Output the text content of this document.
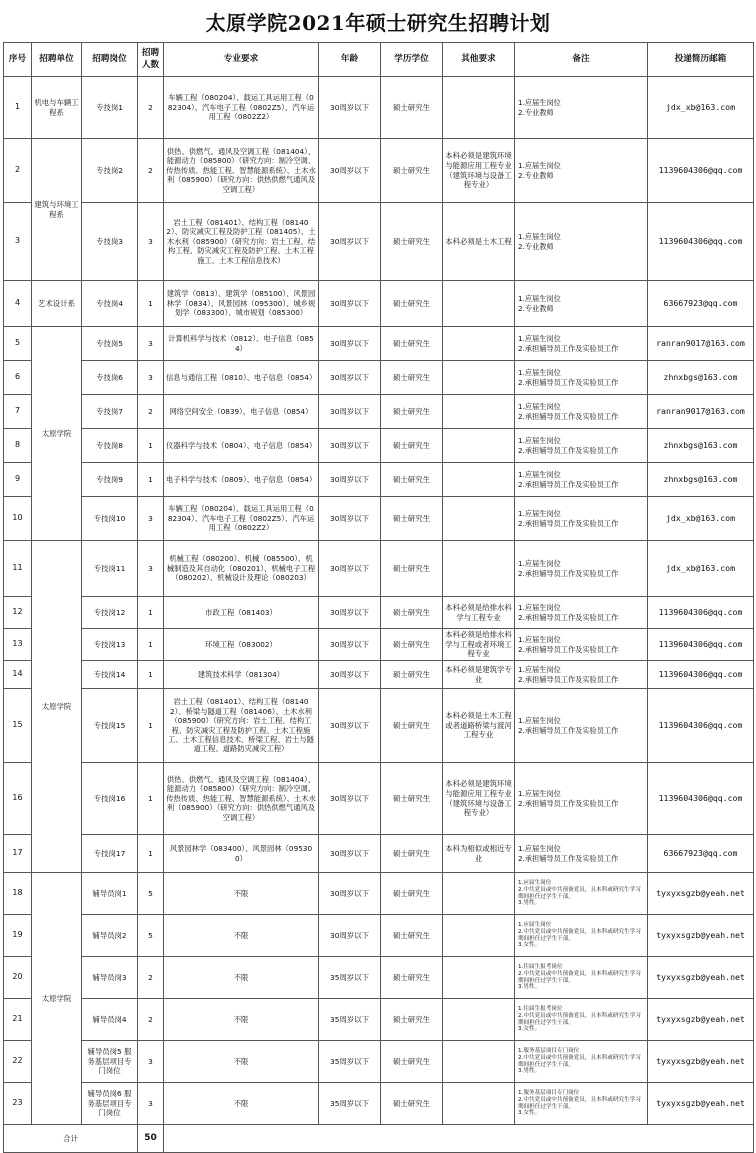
太原学院2021年硕士研究生招聘计划
序号	招聘单位	招聘岗位	招聘人数	专业要求	年龄	学历学位	其他要求	备注	投递简历邮箱
1	机电与车辆工程系	专技岗1	2	车辆工程（080204）、载运工具运用工程（082304）、汽车电子工程（0802Z5）、汽车运用工程（0802Z2）	30周岁以下	硕士研究生		1.应届生岗位
2.专业教师	jdx_xb@163.com
2	建筑与环境工程系	专技岗2	2	供热、供燃气、通风及空调工程（081404）、能源动力（085800）（研究方向：制冷空调、传热传质、热能工程、智慧能源系统）、土木水利（085900）（研究方向：供热供燃气通风及空调工程）	30周岁以下	硕士研究生	本科必须是建筑环境与能源应用工程专业（建筑环境与设备工程专业）	1.应届生岗位
2.专业教师	1139604306@qq.com
3		专技岗3	3	岩土工程（081401）、结构工程（081402）、防灾减灾工程及防护工程（081405）、土木水利（085900）（研究方向：岩土工程、结构工程、防灾减灾工程及防护工程、土木工程施工、土木工程信息技术）	30周岁以下	硕士研究生	本科必须是土木工程	1.应届生岗位
2.专业教师	1139604306@qq.com
4	艺术设计系	专技岗4	1	建筑学（0813）、建筑学（085100）、风景园林学（0834）、风景园林（095300）、城乡规划学（083300）、城市规划（085300）	30周岁以下	硕士研究生		1.应届生岗位
2.专业教师	63667923@qq.com
5	太原学院	专技岗5	3	计算机科学与技术（0812）、电子信息（0854）	30周岁以下	硕士研究生		1.应届生岗位
2.承担辅导员工作及实验员工作	ranran9017@163.com
6		专技岗6	3	信息与通信工程（0810）、电子信息（0854）	30周岁以下	硕士研究生		1.应届生岗位
2.承担辅导员工作及实验员工作	zhnxbgs@163.com
7		专技岗7	2	网络空间安全（0839）、电子信息（0854）	30周岁以下	硕士研究生		1.应届生岗位
2.承担辅导员工作及实验员工作	ranran9017@163.com
8		专技岗8	1	仪器科学与技术（0804）、电子信息（0854）	30周岁以下	硕士研究生		1.应届生岗位
2.承担辅导员工作及实验员工作	zhnxbgs@163.com
9		专技岗9	1	电子科学与技术（0809）、电子信息（0854）	30周岁以下	硕士研究生		1.应届生岗位
2.承担辅导员工作及实验员工作	zhnxbgs@163.com
10		专技岗10	3	车辆工程（080204）、载运工具运用工程（082304）、汽车电子工程（0802Z5）、汽车运用工程（0802Z2）	30周岁以下	硕士研究生		1.应届生岗位
2.承担辅导员工作及实验员工作	jdx_xb@163.com
11	太原学院	专技岗11	3	机械工程（080200）、机械（085500）、机械制造及其自动化（080201）、机械电子工程（080202）、机械设计及理论（080203）	30周岁以下	硕士研究生		1.应届生岗位
2.承担辅导员工作及实验员工作	jdx_xb@163.com
12		专技岗12	1	市政工程（081403）	30周岁以下	硕士研究生	本科必须是给排水科学与工程专业	1.应届生岗位
2.承担辅导员工作及实验员工作	1139604306@qq.com
13		专技岗13	1	环境工程（083002）	30周岁以下	硕士研究生	本科必须是给排水科学与工程或者环境工程专业	1.应届生岗位
2.承担辅导员工作及实验员工作	1139604306@qq.com
14		专技岗14	1	建筑技术科学（081304）	30周岁以下	硕士研究生	本科必须是建筑学专业	1.应届生岗位
2.承担辅导员工作及实验员工作	1139604306@qq.com
15		专技岗15	1	岩土工程（081401）、结构工程（081402）、桥梁与隧道工程（081406）、土木水利（085900）（研究方向：岩土工程、结构工程、防灾减灾工程及防护工程、土木工程施工、土木工程信息技术、桥梁工程、岩土与隧道工程、道路防灾减灾工程）	30周岁以下	硕士研究生	本科必须是土木工程或者道路桥梁与渡河工程专业	1.应届生岗位
2.承担辅导员工作及实验员工作	1139604306@qq.com
16		专技岗16	1	供热、供燃气、通风及空调工程（081404）、能源动力（085800）（研究方向：制冷空调、传热传质、热能工程、智慧能源系统）、土木水利（085900）（研究方向：供热供燃气通风及空调工程）	30周岁以下	硕士研究生	本科必须是建筑环境与能源应用工程专业（建筑环境与设备工程专业）	1.应届生岗位
2.承担辅导员工作及实验员工作	1139604306@qq.com
17		专技岗17	1	风景园林学（083400）、风景园林（095300）	30周岁以下	硕士研究生	本科为相似或相近专业	1.应届生岗位
2.承担辅导员工作及实验员工作	63667923@qq.com
18	太原学院	辅导员岗1	5	不限	30周岁以下	硕士研究生		1.应届生岗位
2.中共党员或中共预备党员，且本科或研究生学习期间担任过学生干部。
3.男性。	tyxyxsgzb@yeah.net
19		辅导员岗2	5	不限	30周岁以下	硕士研究生		1.应届生岗位
2.中共党员或中共预备党员，且本科或研究生学习期间担任过学生干部。
3.女性。	tyxyxsgzb@yeah.net
20		辅导员岗3	2	不限	35周岁以下	硕士研究生		1.往届生报考岗位
2.中共党员或中共预备党员，且本科或研究生学习期间担任过学生干部。
3.男性。	tyxyxsgzb@yeah.net
21		辅导员岗4	2	不限	35周岁以下	硕士研究生		1.往届生报考岗位
2.中共党员或中共预备党员，且本科或研究生学习期间担任过学生干部。
3.女性。	tyxyxsgzb@yeah.net
22		辅导员岗5 服务基层项目专门岗位	3	不限	35周岁以下	硕士研究生		1.服务基层项目专门岗位
2.中共党员或中共预备党员，且本科或研究生学习期间担任过学生干部。
3.男性。	tyxyxsgzb@yeah.net
23		辅导员岗6 服务基层项目专门岗位	3	不限	35周岁以下	硕士研究生		1.服务基层项目专门岗位
2.中共党员或中共预备党员，且本科或研究生学习期间担任过学生干部。
3.女性。	tyxyxsgzb@yeah.net
合计			50						
